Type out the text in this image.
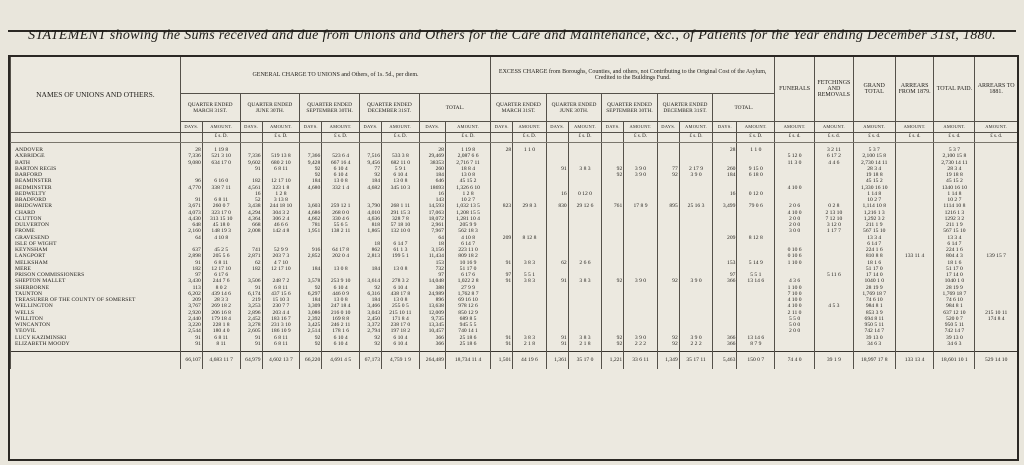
STATEMENT showing the Sums received and due from Unions and Others for the Care and Maintenance, &c., of Patients for the Year ending December 31st, 1880.
NAMES OF UNIONS AND OTHERS.	GENERAL CHARGE TO UNIONS and Others, of 1s. 5d., per diem.										EXCESS CHARGE from Boroughs, Counties, and others, not Contributing to the Original Cost of the Asylum, Credited to the Buildings Fund.										FUNERALS	FETCHINGS AND REMOVALS	GRAND TOTAL	ARREARS FROM 1879.	TOTAL PAID.	ARREARS TO 1881.
	QUARTER ENDED MARCH 31ST.		QUARTER ENDED JUNE 30TH.		QUARTER ENDED SEPTEMBER 30TH.		QUARTER ENDED DECEMBER 31ST.		TOTAL.		QUARTER ENDED MARCH 31ST.		QUARTER ENDED JUNE 30TH.		QUARTER ENDED SEPTEMBER 30TH.		QUARTER ENDED DECEMBER 31ST.		TOTAL.							
	DAYS.	AMOUNT.	DAYS.	AMOUNT.	DAYS.	AMOUNT.	DAYS.	AMOUNT.	DAYS.	AMOUNT.	DAYS.	AMOUNT.	DAYS.	AMOUNT.	DAYS.	AMOUNT.	DAYS.	AMOUNT.	DAYS.	AMOUNT.	AMOUNT.	AMOUNT.	AMOUNT.	AMOUNT.	AMOUNT.	AMOUNT.
		£ s. D.		£ s. D.		£ s. D.		£ s. D.		£ s. D.		£ s. D.		£ s. D.		£ s. D.		£ s. D.		£ s. D.	£ s. d.	£ s. d.	£ s. d.	£ s. d.	£ s. d.	£ s. d.

ANDOVER	28	1 19 8							28	1 19 8	28	1 1 0							28	1 1 0		3 2 11	5 3 7		5 3 7	
AXBRIDGE	7,336	521 3 10	7,336	519 13 8	7,366	523 6 4	7,516	533 3 8	29,469	2,087 6 6											5 12 0	6 17 2	2,100 15 8		2,100 15 8	
BATH	9,080	634 17 0	9,602	680 2 10	9,428	667 16 4	9,456	682 11 0	38353	2,716 7 11											11 3 0	4 4 6	2,730 14 11		2,730 14 11	
BARTON REGIS			91	6 8 11	92	6 10 4	77	5 9 1	260	18 8 4			91	3 8 3	92	3 9 0	77	2 17 9	260	9 15 0			28 3 4		28 3 4	
BARFORD					92	6 10 4	92	6 10 4	184	13 0 8					92	3 9 0	92	3 9 0	184	6 18 0			19 18 8		19 18 8	
BEAMINSTER	96	6 16 0	182	12 17 10	184	13 0 8	184	13 0 8	646	45 15 2													45 15 2		45 15 2	
BEDMINSTER	4,770	338 7 11	4,561	323 1 8	4,680	332 1 4	4,682	345 10 3	18693	1,326 6 10											4 10 0		1,330 16 10		1340 16 10	
BEDWELTY			16	1 2 8					16	1 2 8			16	0 12 0					16	0 12 0			1 14 8		1 14 8	
BRADFORD	91	6 8 11	52	3 13 8					143	10 2 7													10 2 7		10 2 7	
BRIDGWATER	3,671	260 0 7	3,438	244 18 10	3,603	259 12 1	3,790	268 1 11	14,593	1,032 13 5	823	29 8 3	830	29 12 6	761	17 8 9	895	25 16 3	3,499	79 0 6	2 0 6	0 2 8	1,114 10 8		1114 10 8	
CHARD	4,073	323 17 0	4,294	304 3 2	4,686	268 0 0	4,010	291 15 3	17,063	1,208 15 5											4 10 0	2 13 10	1,216 1 3		1216 1 3	
CLUTTON	4,430	313 15 10	4,364	306 2 4	4,662	330 4 6	4,636	328 7 8	18,072	1,281 10 4											2 0 0	7 12 10	1,292 3 2		1292 3 2	
DULVERTON	648	45 18 0	668	46 6 6	781	55 6 5	818	57 18 10	2,961	205 9 9											2 0 0	3 12 0	211 1 9		211 1 9	
FROME	2,160	148 19 3	2,008	142 4 8	1,951	138 2 11	1,865	132 10 0	7,967	562 18 3											3 0 0	1 17 7	567 15 10		567 15 10	
GRAVESEND	64	4 10 8							64	4 10 8	209	8 12 8							209	8 12 8			13 3 4		13 3 4	
ISLE OF WIGHT							18	6 14 7	18	6 14 7													6 14 7		6 14 7	
KEYNSHAM	637	45 2 5	741	52 9 9	916	64 17 8	862	61 1 3	3,156	223 11 0											0 10 6		224 1 6		224 1 6	
LANGPORT	2,898	205 5 6	2,871	203 7 3	2,852	202 0 4	2,813	199 5 1	11,434	809 18 2											0 10 6		810 8 8	133 11 4	804 4 3	139 15 7
MELKSHAM	91	6 8 11	62	4 7 10					153	10 16 9	91	3 8 3	62	2 6 6					153	5 14 9	1 10 0		18 1 6		18 1 6	
MERE	182	12 17 10	182	12 17 10	184	13 0 8	184	13 0 8	732	51 17 0													51 17 0		51 17 0	
PRISON COMMISSIONERS	97	6 17 6							97	6 17 6	97	5 5 1							97	5 5 1		5 11 6	17 14 0		17 14 0	
SHEPTON MALLET	3,430	244 7 6	3,506	248 7 2	3,578	253 9 10	3,614	278 3 2	14,048	1,022 2 8	91	3 8 3	91	3 8 3	92	3 9 0	92	3 9 0	366	13 14 6	4 3 6		1040 1 0		1040 1 0	
SHERBORNE	113	8 0 2	91	6 8 11	92	6 10 4	92	6 10 4	388	27 9 9											1 10 0		28 19 9		28 19 9	
TAUNTON	6,202	439 14 6	6,174	437 15 6	6,297	446 0 9	6,316	438 17 8	24,989	1,762 8 7											7 10 0		1,769 18 7		1,769 18 7	
TREASURER OF THE COUNTY OF SOMERSET	209	28 3 3	219	15 10 3	184	13 0 8	184	13 0 8	896	69 16 10											4 10 0		74 6 10		74 6 10	
WELLINGTON	3,767	269 18 2	3,253	230 7 7	3,309	247 18 4	3,466	255 0 5	13,638	978 12 6											4 10 0	4 5 3	984 8 1		984 8 1	
WELLS	2,920	206 16 8	2,896	203 4 4	3,086	216 0 10	3,043	215 10 11	12,009	850 12 9											2 11 0		853 3 9		637 12 10	215 10 11
WILLITON	2,440	179 18 4	2,452	183 16 7	2,392	169 8 8	2,450	171 8 4	9,735	689 8 5											5 5 0		694 8 11		520 0 7	174 8 4
WINCANTON	3,220	228 1 8	3,278	231 3 10	3,425	246 2 11	3,372	238 17 0	13,345	945 5 5											5 0 0		950 5 11		950 5 11	
YEOVIL	2,544	180 4 0	2,605	186 10 9	2,514	178 1 6	2,794	197 18 2	10,457	740 14 1											2 0 0		742 14 7		742 14 7	
LUCY KAZIMINSKI	91	6 8 11	91	6 8 11	92	6 10 4	92	6 10 4	366	25 18 6	91	3 8 3	91	3 8 3	92	3 9 0	92	3 9 0	366	13 14 6			39 13 0		39 13 0	
ELIZABETH MOODY	91	8 11	91	6 8 11	92	6 10 4	92	6 10 4	366	25 18 6	91	2 1 8	91	2 1 8	92	2 2 2	92	2 2 2	366	8 7 9			34 6 3		34 6 3	

	66,107	4,683 11 7	64,979	4,602 13 7	66,220	4,691 4 5	67,173	4,759 1 9	264,489	18,734 11 4	1,501	44 19 6	1,361	35 17 0	1,221	33 6 11	1,349	35 17 11	5,463	150 0 7	74 4 0	39 1 9	18,997 17 8	133 13 4	18,601 10 1	529 14 10
